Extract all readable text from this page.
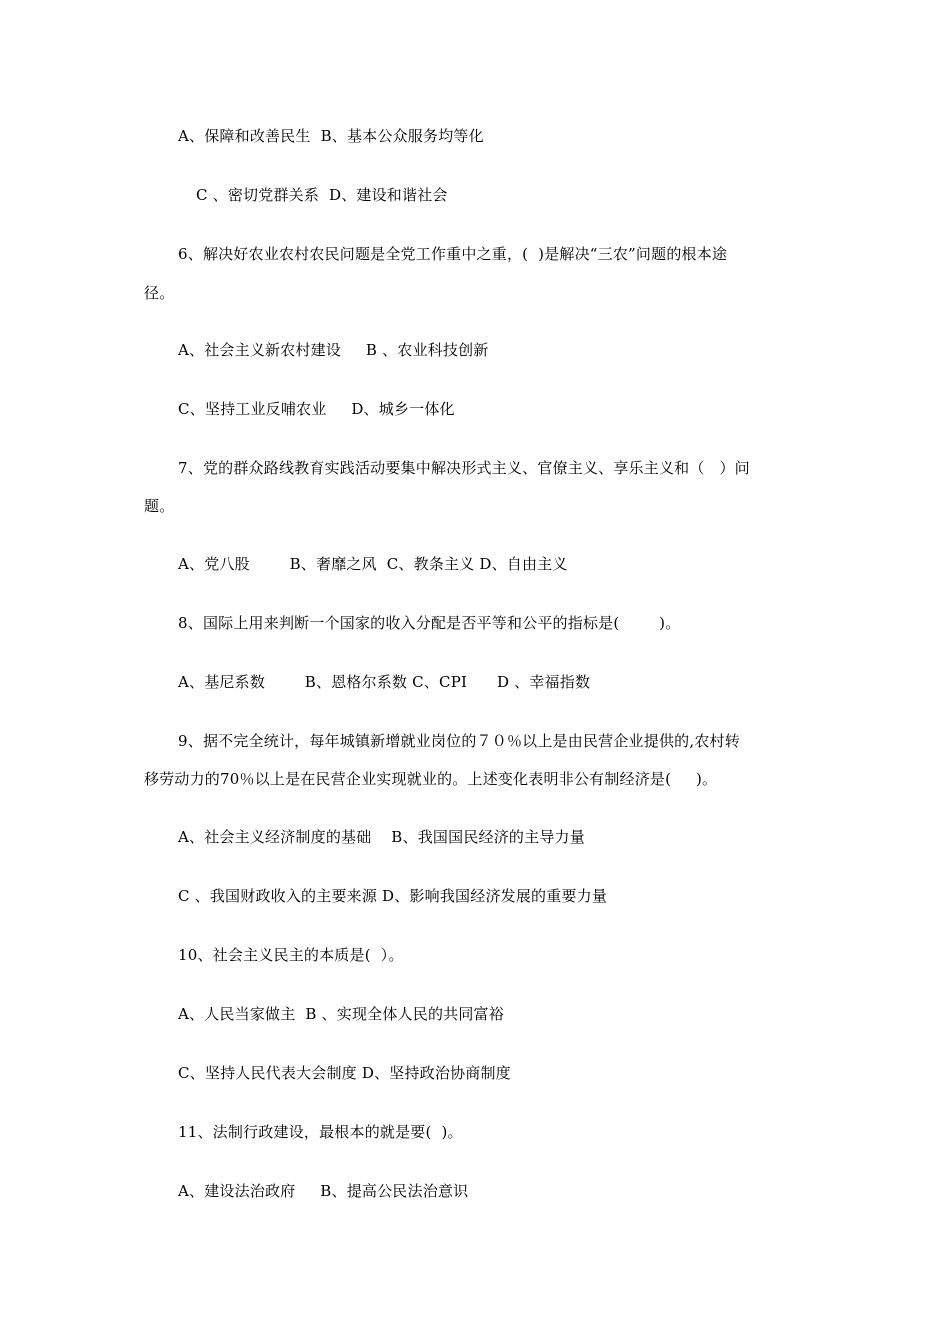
A、保障和改善民生  B、基本公众服务均等化
C 、密切党群关系  D、建设和谐社会
6、解决好农业农村农民问题是全党工作重中之重，(  )是解决“三农”问题的根本途
径。
A、社会主义新农村建设     B 、农业科技创新
C、坚持工业反哺农业     D、城乡一体化
7、党的群众路线教育实践活动要集中解决形式主义、官僚主义、享乐主义和（   ）问
题。
A、党八股        B、奢靡之风  C、教条主义 D、自由主义
8、国际上用来判断一个国家的收入分配是否平等和公平的指标是(        )。
A、基尼系数        B、恩格尔系数 C、CPI      D 、幸福指数
9、据不完全统计，每年城镇新增就业岗位的７０％以上是由民营企业提供的,农村转
移劳动力的70％以上是在民营企业实现就业的。上述变化表明非公有制经济是(     )。
A、社会主义经济制度的基础    B、我国国民经济的主导力量
C 、我国财政收入的主要来源 D、影响我国经济发展的重要力量
10、社会主义民主的本质是(  ）。
A、人民当家做主  B 、实现全体人民的共同富裕
C、坚持人民代表大会制度 D、坚持政治协商制度
11、法制行政建设，最根本的就是要(  )。
A、建设法治政府     B、提高公民法治意识
